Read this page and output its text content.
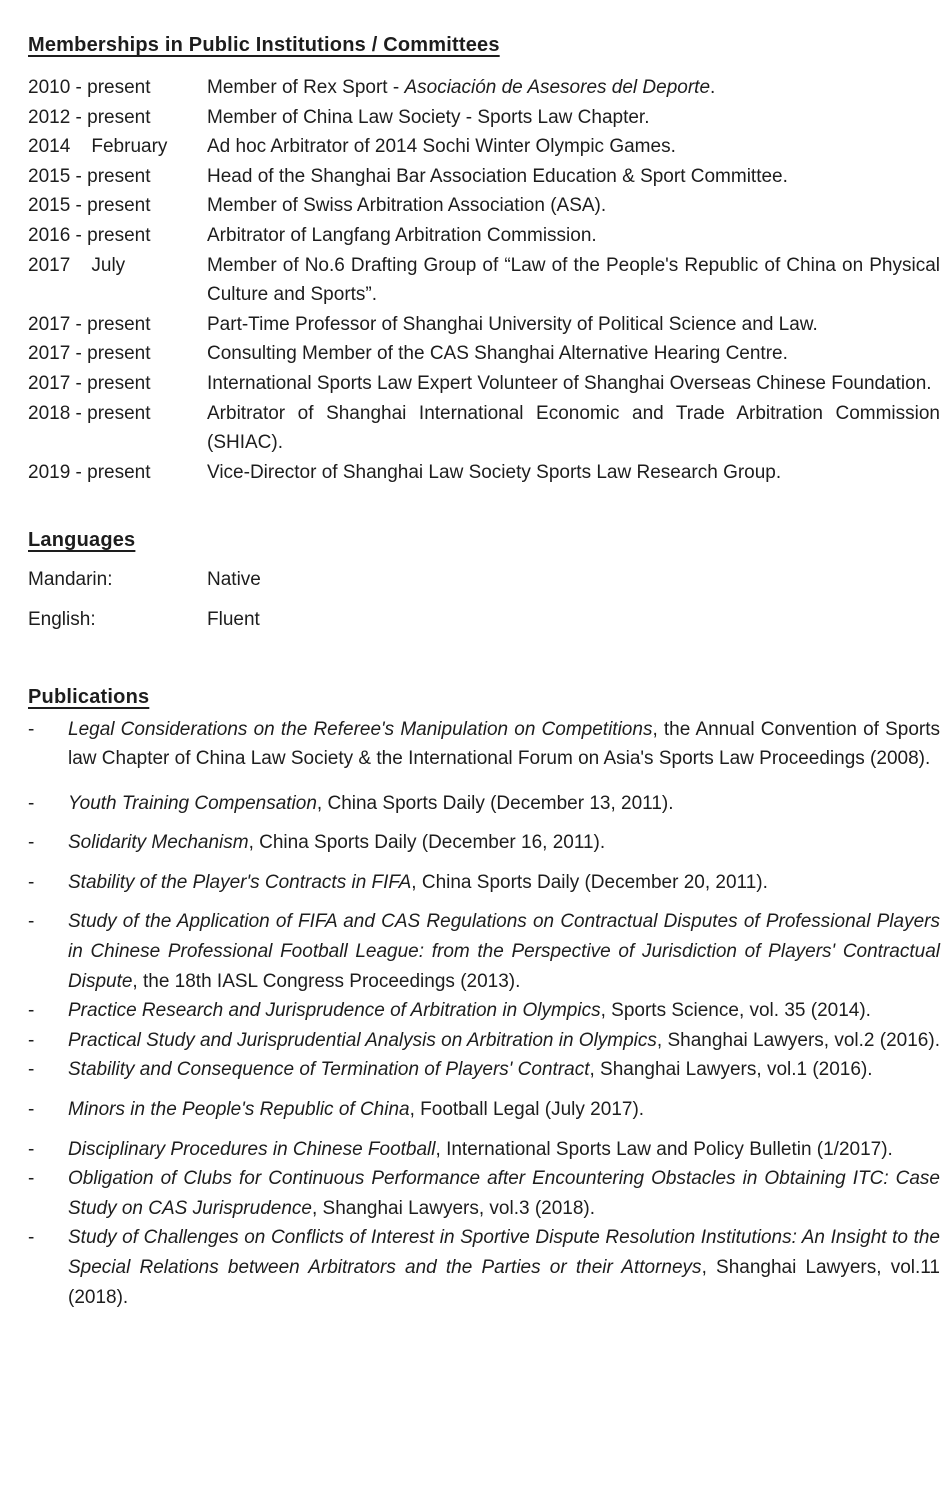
Memberships in Public Institutions / Committees
2010 - present	Member of Rex Sport - Asociación de Asesores del Deporte.
2012 - present	Member of China Law Society - Sports Law Chapter.
2014    February	Ad hoc Arbitrator of 2014 Sochi Winter Olympic Games.
2015 - present	Head of the Shanghai Bar Association Education & Sport Committee.
2015 - present	Member of Swiss Arbitration Association (ASA).
2016 - present	Arbitrator of Langfang Arbitration Commission.
2017    July	Member of No.6 Drafting Group of “Law of the People's Republic of China on Physical Culture and Sports”.
2017 - present	Part-Time Professor of Shanghai University of Political Science and Law.
2017 - present	Consulting Member of the CAS Shanghai Alternative Hearing Centre.
2017 - present	International Sports Law Expert Volunteer of Shanghai Overseas Chinese Foundation.
2018 - present	Arbitrator of Shanghai International Economic and Trade Arbitration Commission (SHIAC).
2019 - present	Vice-Director of Shanghai Law Society Sports Law Research Group.
Languages
Mandarin:	Native
English:	Fluent
Publications
-	Legal Considerations on the Referee's Manipulation on Competitions, the Annual Convention of Sports law Chapter of China Law Society & the International Forum on Asia's Sports Law Proceedings (2008).
-	Youth Training Compensation, China Sports Daily (December 13, 2011).
-	Solidarity Mechanism, China Sports Daily (December 16, 2011).
-	Stability of the Player's Contracts in FIFA, China Sports Daily (December 20, 2011).
-	Study of the Application of FIFA and CAS Regulations on Contractual Disputes of Professional Players in Chinese Professional Football League: from the Perspective of Jurisdiction of Players' Contractual Dispute, the 18th IASL Congress Proceedings (2013).
-	Practice Research and Jurisprudence of Arbitration in Olympics, Sports Science, vol. 35 (2014).
-	Practical Study and Jurisprudential Analysis on Arbitration in Olympics, Shanghai Lawyers, vol.2 (2016).
-	Stability and Consequence of Termination of Players' Contract, Shanghai Lawyers, vol.1 (2016).
-	Minors in the People's Republic of China, Football Legal (July 2017).
-	Disciplinary Procedures in Chinese Football, International Sports Law and Policy Bulletin (1/2017).
-	Obligation of Clubs for Continuous Performance after Encountering Obstacles in Obtaining ITC: Case Study on CAS Jurisprudence, Shanghai Lawyers, vol.3 (2018).
-	Study of Challenges on Conflicts of Interest in Sportive Dispute Resolution Institutions: An Insight to the Special Relations between Arbitrators and the Parties or their Attorneys, Shanghai Lawyers, vol.11 (2018).
